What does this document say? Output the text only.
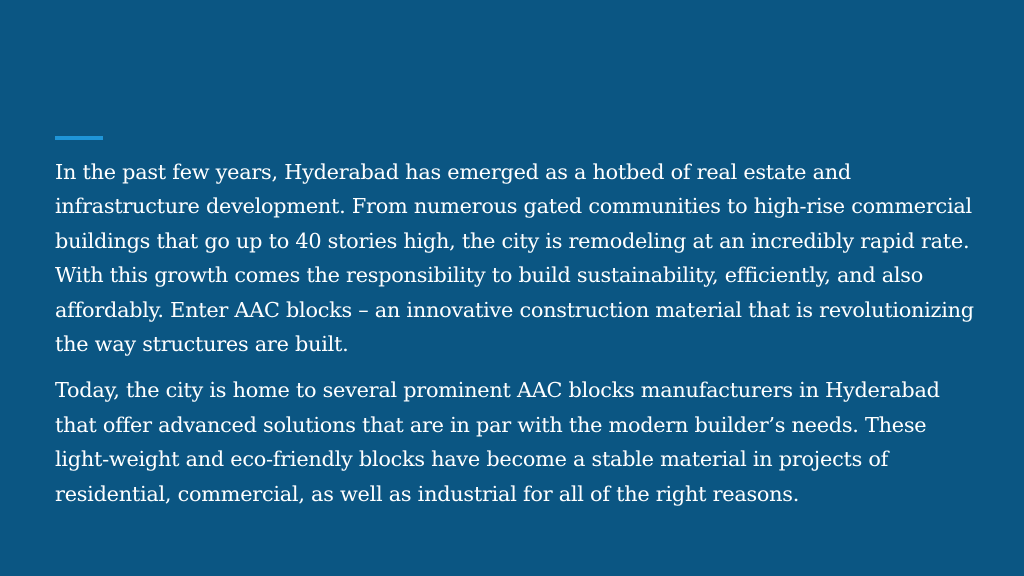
In the past few years, Hyderabad has emerged as a hotbed of real estate and infrastructure development. From numerous gated communities to high-rise commercial buildings that go up to 40 stories high, the city is remodeling at an incredibly rapid rate. With this growth comes the responsibility to build sustainability, efficiently, and also affordably. Enter AAC blocks – an innovative construction material that is revolutionizing the way structures are built.

Today, the city is home to several prominent AAC blocks manufacturers in Hyderabad that offer advanced solutions that are in par with the modern builder’s needs. These light-weight and eco-friendly blocks have become a stable material in projects of residential, commercial, as well as industrial for all of the right reasons.
